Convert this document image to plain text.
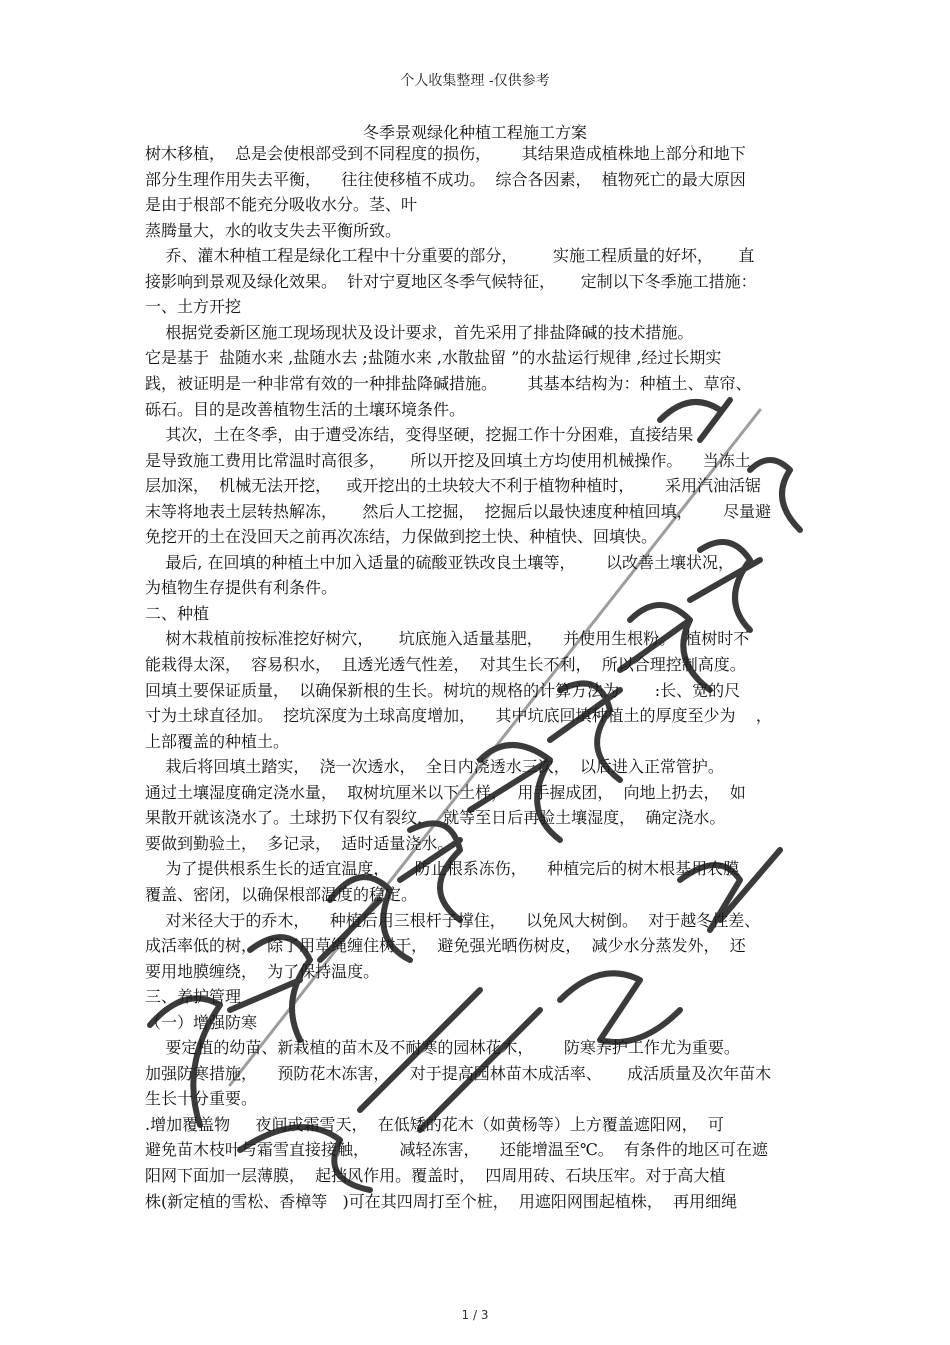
个人收集整理 -仅供参考
冬季景观绿化种植工程施工方案
树木移植，  总是会使根部受到不同程度的损伤，      其结果造成植株地上部分和地下
部分生理作用失去平衡，    往往使移植不成功。  综合各因素，  植物死亡的最大原因
是由于根部不能充分吸收水分。茎、叶
蒸腾量大，水的收支失去平衡所致。
乔、灌木种植工程是绿化工程中十分重要的部分，       实施工程质量的好坏，     直
接影响到景观及绿化效果。  针对宁夏地区冬季气候特征，     定制以下冬季施工措施：
一、土方开挖
根据党委新区施工现场现状及设计要求，首先采用了排盐降碱的技术措施。
它是基于  盐随水来 ,盐随水去 ;盐随水来 ,水散盐留 ”的水盐运行规律 ,经过长期实
践，被证明是一种非常有效的一种排盐降碱措施。      其基本结构为：种植土、草帘、
砾石。目的是改善植物生活的土壤环境条件。
其次，土在冬季，由于遭受冻结，变得坚硬，挖掘工作十分困难，直接结果
是导致施工费用比常温时高很多，     所以开挖及回填土方均使用机械操作。    当冻土
层加深，  机械无法开挖，   或开挖出的土块较大不利于植物种植时，      采用汽油活锯
末等将地表土层转热解冻，     然后人工挖掘，  挖掘后以最快速度种植回填，      尽量避
免挖开的土在没回天之前再次冻结，力保做到挖土快、种植快、回填快。
最后, 在回填的种植土中加入适量的硫酸亚铁改良土壤等，      以改善土壤状况，
为植物生存提供有利条件。
二、种植
树木栽植前按标准挖好树穴，     坑底施入适量基肥，    并使用生根粉。  植树时不
能栽得太深，  容易积水，  且透光透气性差，  对其生长不利，  所以合理控制高度。
回填土要保证质量，  以确保新根的生长。树坑的规格的计算方法为       :长、宽的尺
寸为土球直径加。  挖坑深度为土球高度增加，    其中坑底回填种植土的厚度至少为    ，
上部覆盖的种植土。
栽后将回填土踏实，  浇一次透水，  全日内浇透水三次，  以后进入正常管护。
通过土壤湿度确定浇水量，  取树坑厘米以下土样，  用手握成团，  向地上扔去，  如
果散开就该浇水了。土球扔下仅有裂纹，  就等至日后再验土壤湿度，  确定浇水。
要做到勤验土，  多记录，  适时适量浇水。
为了提供根系生长的适宜温度，     防止根系冻伤，    种植完后的树木根基用农膜
覆盖、密闭，以确保根部温度的稳定。
对米径大于的乔木，    种植后用三根杆子撑住，    以免风大树倒。  对于越冬性差、
成活率低的树，  除了用草绳缠住树干，  避免强光晒伤树皮，  减少水分蒸发外，  还
要用地膜缠绕，  为了保持温度。
三、养护管理
（一）增强防寒
要定植的幼苗、新栽植的苗木及不耐寒的园林花木，      防寒养护工作尤为重要。
加强防寒措施，    预防花木冻害，    对于提高园林苗木成活率、     成活质量及次年苗木
生长十分重要。
.增加覆盖物     夜间或霜雪天，  在低矮的花木（如黄杨等）上方覆盖遮阳网，  可
避免苗木枝叶与霜雪直接接触，      减轻冻害，    还能增温至℃。  有条件的地区可在遮
阳网下面加一层薄膜，  起挡风作用。覆盖时，  四周用砖、石块压牢。对于高大植
株(新定植的雪松、香樟等   )可在其四周打至个桩，  用遮阳网围起植株，  再用细绳
1 / 3
